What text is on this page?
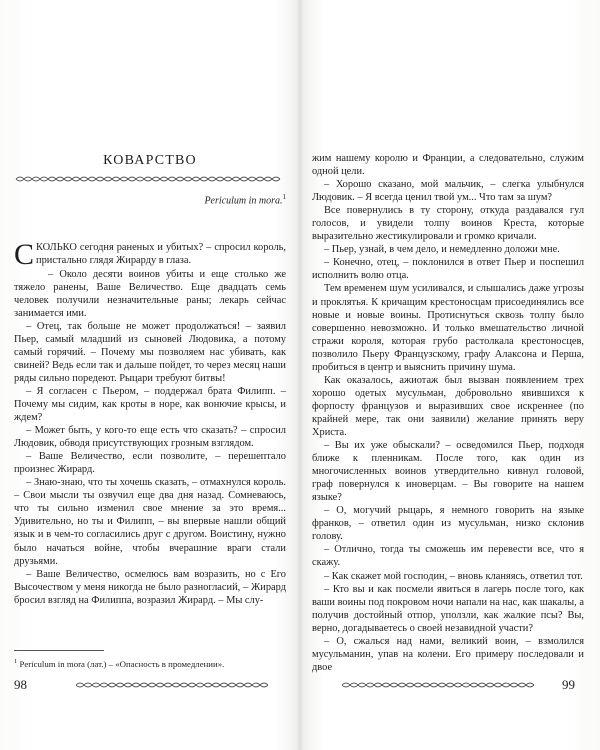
КОВАРСТВО
Periculum in mora.$^1$

СКОЛЬКО сегодня раненых и убитых? – спросил король, пристально глядя Жирарду в глаза.

– Около десяти воинов убиты и еще столько же тяжело ранены, Ваше Величество. Еще двадцать семь человек получили незначительные раны; лекарь сейчас занимается ими.

– Отец, так больше не может продолжаться! – заявил Пьер, самый младший из сыновей Людовика, а потому самый горячий. – Почему мы позволяем нас убивать, как свиней? Ведь если так и дальше пойдет, то через месяц наши ряды сильно поредеют. Рыцари требуют битвы!

– Я согласен с Пьером, – поддержал брата Филипп. – Почему мы сидим, как кроты в норе, как вонючие крысы, и ждем?

– Может быть, у кого-то еще есть что сказать? – спросил Людовик, обводя присутствующих грозным взглядом.

– Ваше Величество, если позволите, – перешептало произнес Жирард.

– Знаю-знаю, что ты хочешь сказать, – отмахнулся король. – Свои мысли ты озвучил еще два дня назад. Сомневаюсь, что ты сильно изменил свое мнение за это время... Удивительно, но ты и Филипп, – вы впервые нашли общий язык и в чем-то согласились друг с другом. Воистину, нужно было начаться войне, чтобы вчерашние враги стали друзьями.

– Ваше Величество, осмелюсь вам возразить, но с Его Высочеством у меня никогда не было разногласий, – Жирард бросил взгляд на Филиппа, возразил Жирард. – Мы слу-

$^1$ Periculum in mora (лат.) – «Опасность в промедлении».
98

жим нашему королю и Франции, а следовательно, служим одной цели.

– Хорошо сказано, мой мальчик, – слегка улыбнулся Людовик. – Я всегда ценил твой ум... Что там за шум?

Все повернулись в ту сторону, откуда раздавался гул голосов, и увидели толпу воинов Креста, которые выразительно жестикулировали и громко кричали.

– Пьер, узнай, в чем дело, и немедленно доложи мне.

– Конечно, отец, – поклонился в ответ Пьер и поспешил исполнить волю отца.

Тем временем шум усиливался, и слышались даже угрозы и проклятья. К кричащим крестоносцам присоединялись все новые и новые воины. Протиснуться сквозь толпу было совершенно невозможно. И только вмешательство личной стражи короля, которая грубо растолкала крестоносцев, позволило Пьеру Французскому, графу Алаксона и Перша, пробиться в центр и выяснить причину шума.

Как оказалось, ажиотаж был вызван появлением трех хорошо одетых мусульман, добровольно явившихся к форпосту французов и выразивших свое искреннее (по крайней мере, так они заявили) желание принять веру Христа.

– Вы их уже обыскали? – осведомился Пьер, подходя ближе к пленникам. После того, как один из многочисленных воинов утвердительно кивнул головой, граф повернулся к иноверцам. – Вы говорите на нашем языке?

– О, могучий рыцарь, я немного говорить на языке франков, – ответил один из мусульман, низко склонив голову.

– Отлично, тогда ты сможешь им перевести все, что я скажу.

– Как скажет мой господин, – вновь кланяясь, ответил тот.

– Кто вы и как посмели явиться в лагерь после того, как ваши воины под покровом ночи напали на нас, как шакалы, а получив достойный отпор, уползли, как жалкие псы? Вы, верно, догадываетесь о своей незавидной участи?

– О, сжалься над нами, великий воин, – взмолился мусульманин, упав на колени. Его примеру последовали и двое

99
